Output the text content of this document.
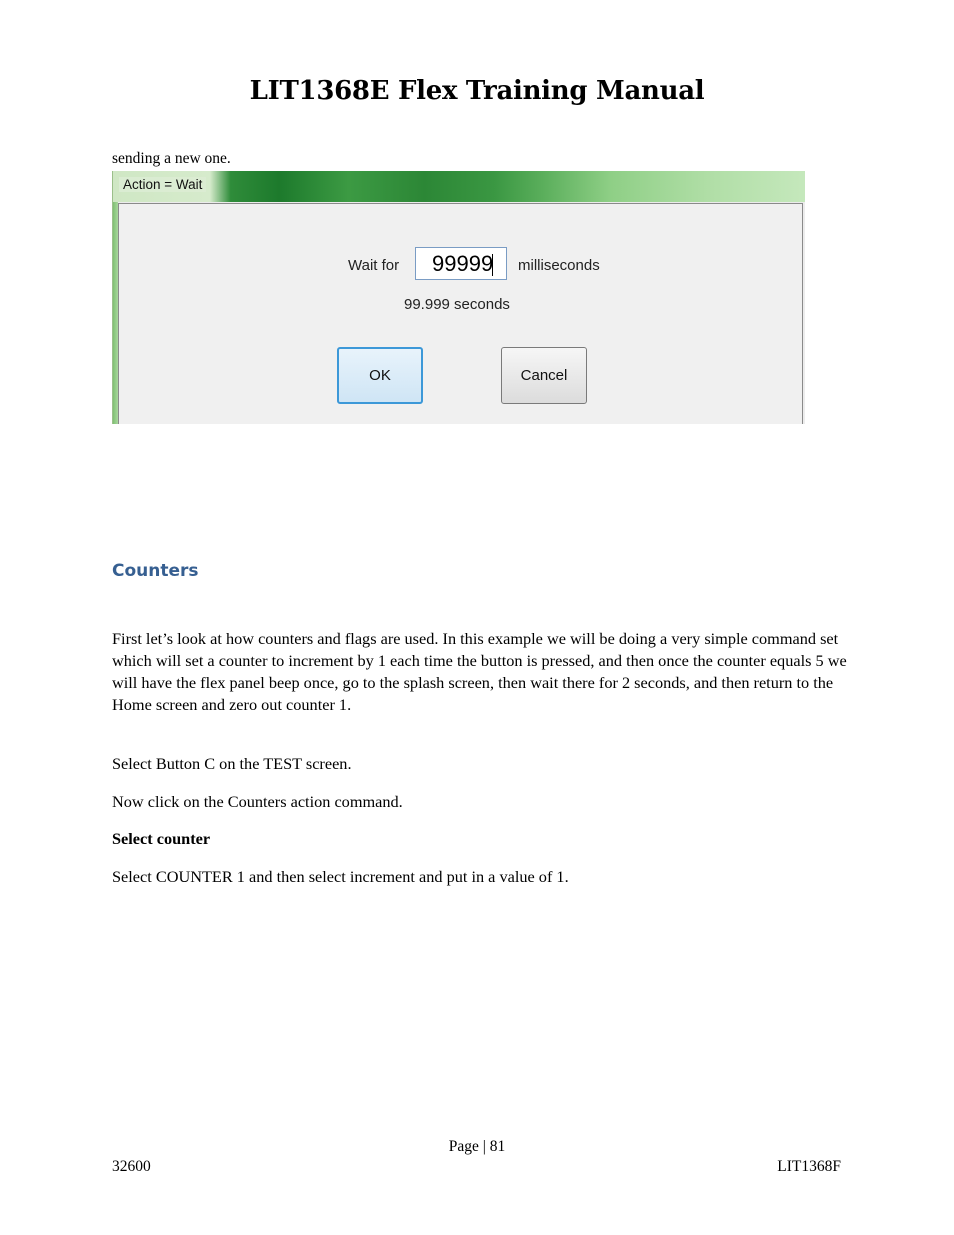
LIT1368E Flex Training Manual
sending a new one.
Action = Wait
Wait for
99999	milliseconds
99.999 seconds
OK	Cancel
Counters

First let’s look at how counters and flags are used. In this example we will be doing a very simple command set which will set a counter to increment by 1 each time the button is pressed, and then once the counter equals 5 we will have the flex panel beep once, go to the splash screen, then wait there for 2 seconds, and then return to the Home screen and zero out counter 1.

Select Button C on the TEST screen.

Now click on the Counters action command.

Select counter

Select COUNTER 1 and then select increment and put in a value of 1.

Page | 81
32600	LIT1368F
